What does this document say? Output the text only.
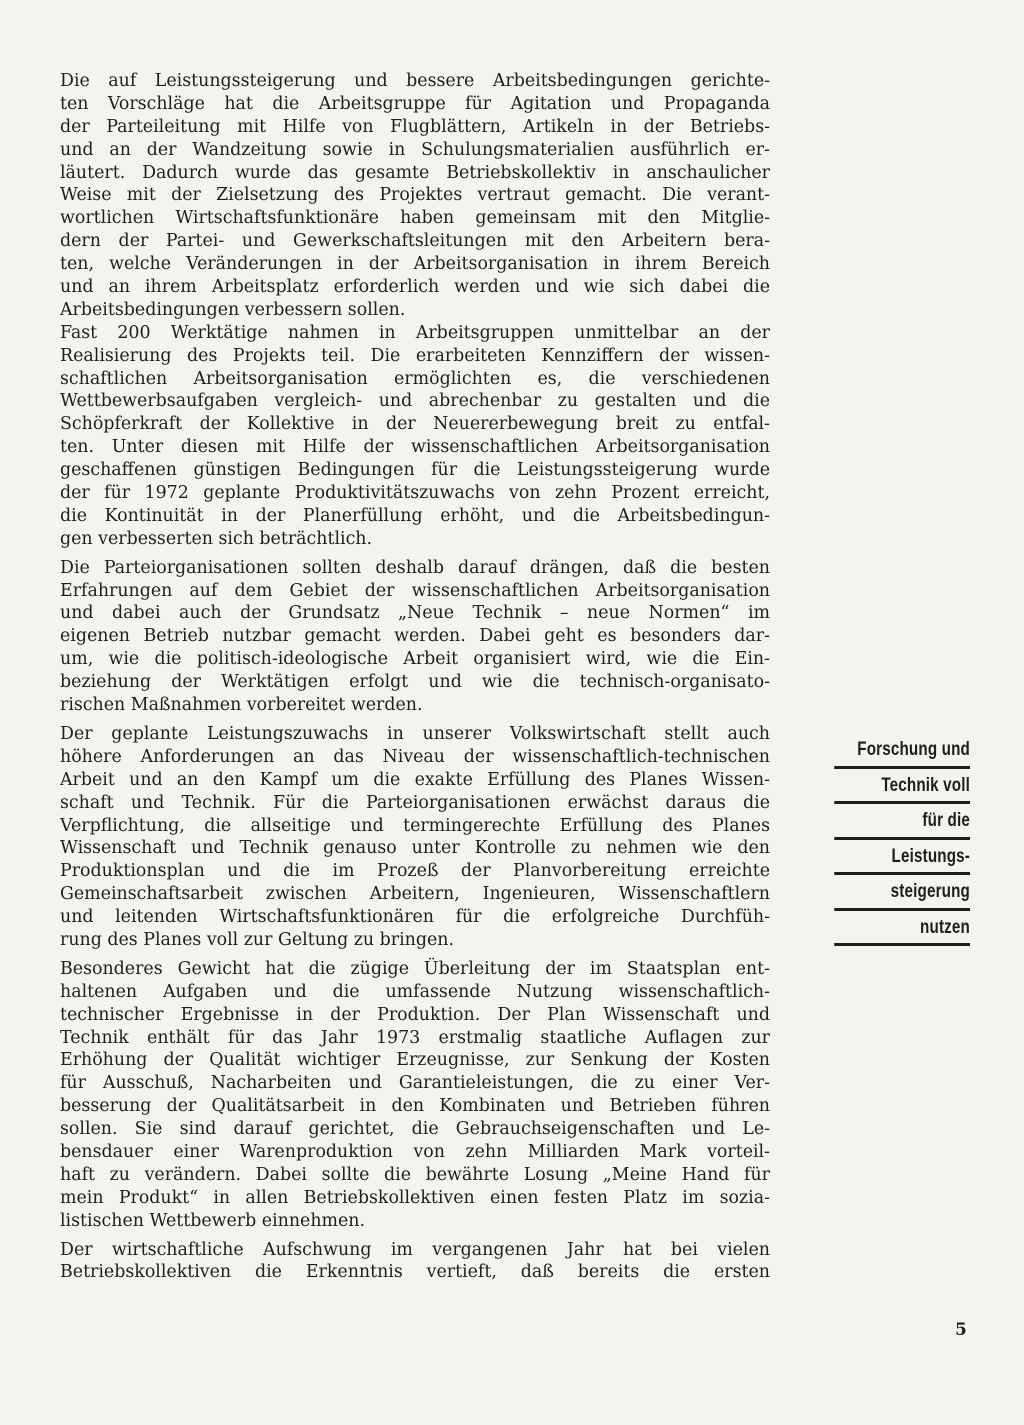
Die auf Leistungssteigerung und bessere Arbeitsbedingungen gerichte-
ten Vorschläge hat die Arbeitsgruppe für Agitation und Propaganda
der Parteileitung mit Hilfe von Flugblättern, Artikeln in der Betriebs-
und an der Wandzeitung sowie in Schulungsmaterialien ausführlich er-
läutert. Dadurch wurde das gesamte Betriebskollektiv in anschaulicher
Weise mit der Zielsetzung des Projektes vertraut gemacht. Die verant-
wortlichen Wirtschaftsfunktionäre haben gemeinsam mit den Mitglie-
dern der Partei- und Gewerkschaftsleitungen mit den Arbeitern bera-
ten, welche Veränderungen in der Arbeitsorganisation in ihrem Bereich
und an ihrem Arbeitsplatz erforderlich werden und wie sich dabei die
Arbeitsbedingungen verbessern sollen.
Fast 200 Werktätige nahmen in Arbeitsgruppen unmittelbar an der
Realisierung des Projekts teil. Die erarbeiteten Kennziffern der wissen-
schaftlichen Arbeitsorganisation ermöglichten es, die verschiedenen
Wettbewerbsaufgaben vergleich- und abrechenbar zu gestalten und die
Schöpferkraft der Kollektive in der Neuererbewegung breit zu entfal-
ten. Unter diesen mit Hilfe der wissenschaftlichen Arbeitsorganisation
geschaffenen günstigen Bedingungen für die Leistungssteigerung wurde
der für 1972 geplante Produktivitätszuwachs von zehn Prozent erreicht,
die Kontinuität in der Planerfüllung erhöht, und die Arbeitsbedingun-
gen verbesserten sich beträchtlich.
Die Parteiorganisationen sollten deshalb darauf drängen, daß die besten
Erfahrungen auf dem Gebiet der wissenschaftlichen Arbeitsorganisation
und dabei auch der Grundsatz „Neue Technik – neue Normen“ im
eigenen Betrieb nutzbar gemacht werden. Dabei geht es besonders dar-
um, wie die politisch-ideologische Arbeit organisiert wird, wie die Ein-
beziehung der Werktätigen erfolgt und wie die technisch-organisato-
rischen Maßnahmen vorbereitet werden.
Der geplante Leistungszuwachs in unserer Volkswirtschaft stellt auch
höhere Anforderungen an das Niveau der wissenschaftlich-technischen
Arbeit und an den Kampf um die exakte Erfüllung des Planes Wissen-
schaft und Technik. Für die Parteiorganisationen erwächst daraus die
Verpflichtung, die allseitige und termingerechte Erfüllung des Planes
Wissenschaft und Technik genauso unter Kontrolle zu nehmen wie den
Produktionsplan und die im Prozeß der Planvorbereitung erreichte
Gemeinschaftsarbeit zwischen Arbeitern, Ingenieuren, Wissenschaftlern
und leitenden Wirtschaftsfunktionären für die erfolgreiche Durchfüh-
rung des Planes voll zur Geltung zu bringen.
Besonderes Gewicht hat die zügige Überleitung der im Staatsplan ent-
haltenen Aufgaben und die umfassende Nutzung wissenschaftlich-
technischer Ergebnisse in der Produktion. Der Plan Wissenschaft und
Technik enthält für das Jahr 1973 erstmalig staatliche Auflagen zur
Erhöhung der Qualität wichtiger Erzeugnisse, zur Senkung der Kosten
für Ausschuß, Nacharbeiten und Garantieleistungen, die zu einer Ver-
besserung der Qualitätsarbeit in den Kombinaten und Betrieben führen
sollen. Sie sind darauf gerichtet, die Gebrauchseigenschaften und Le-
bensdauer einer Warenproduktion von zehn Milliarden Mark vorteil-
haft zu verändern. Dabei sollte die bewährte Losung „Meine Hand für
mein Produkt“ in allen Betriebskollektiven einen festen Platz im sozia-
listischen Wettbewerb einnehmen.
Der wirtschaftliche Aufschwung im vergangenen Jahr hat bei vielen
Betriebskollektiven die Erkenntnis vertieft, daß bereits die ersten
Forschung und
Technik voll
für die
Leistungs-
steigerung
nutzen
5
